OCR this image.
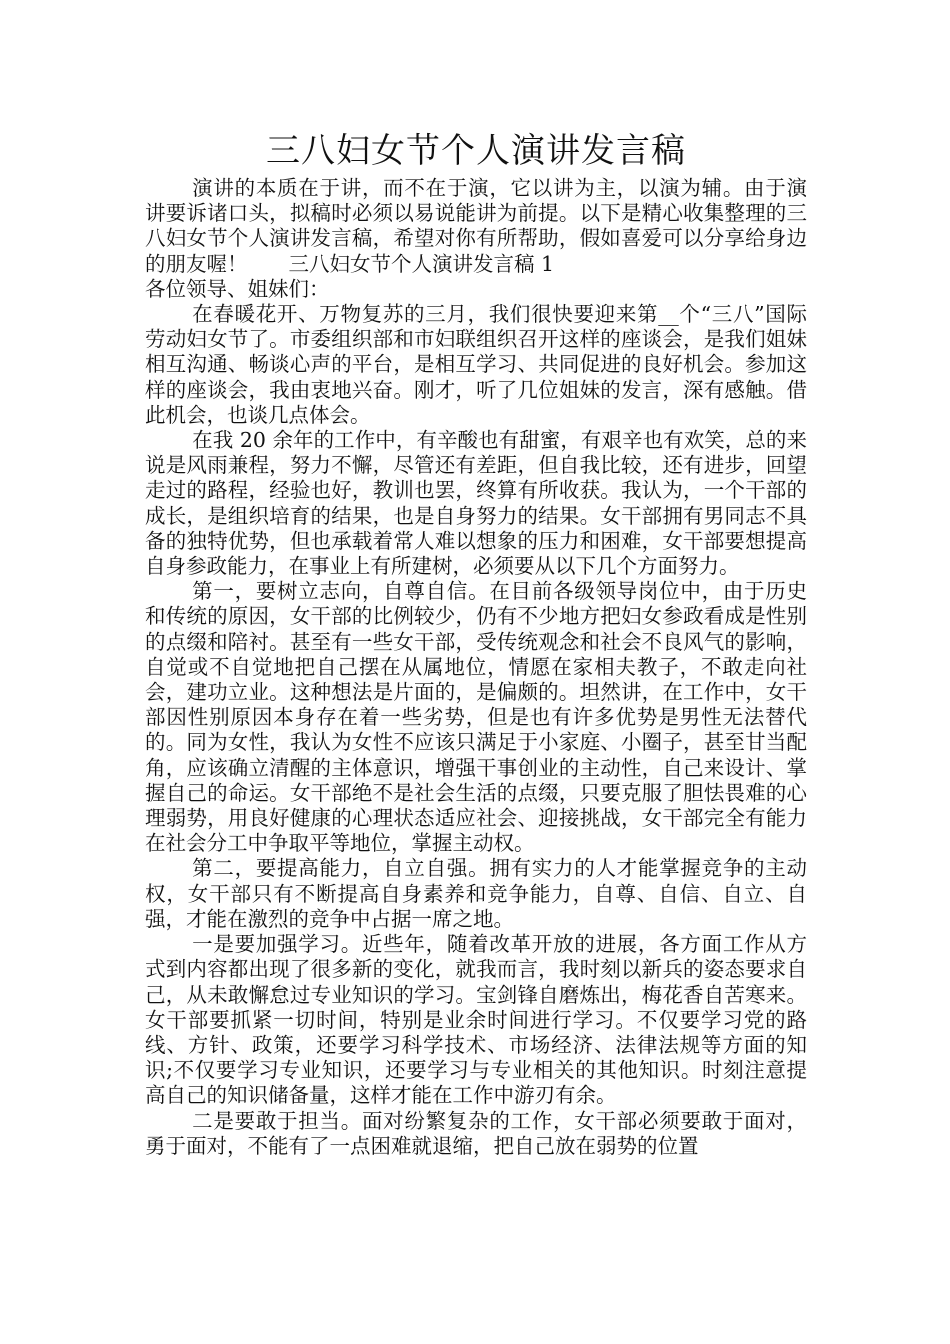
三八妇女节个人演讲发言稿

演讲的本质在于讲，而不在于演，它以讲为主，以演为辅。由于演讲要诉诸口头，拟稿时必须以易说能讲为前提。以下是精心收集整理的三八妇女节个人演讲发言稿，希望对你有所帮助，假如喜爱可以分享给身边的朋友喔！　　三八妇女节个人演讲发言稿 1

各位领导、姐妹们：

在春暖花开、万物复苏的三月，我们很快要迎来第__个“三八”国际劳动妇女节了。市委组织部和市妇联组织召开这样的座谈会，是我们姐妹相互沟通、畅谈心声的平台，是相互学习、共同促进的良好机会。参加这样的座谈会，我由衷地兴奋。刚才，听了几位姐妹的发言，深有感触。借此机会，也谈几点体会。

在我 20 余年的工作中，有辛酸也有甜蜜，有艰辛也有欢笑，总的来说是风雨兼程，努力不懈，尽管还有差距，但自我比较，还有进步，回望走过的路程，经验也好，教训也罢，终算有所收获。我认为，一个干部的成长，是组织培育的结果，也是自身努力的结果。女干部拥有男同志不具备的独特优势，但也承载着常人难以想象的压力和困难，女干部要想提高自身参政能力，在事业上有所建树，必须要从以下几个方面努力。

第一，要树立志向，自尊自信。在目前各级领导岗位中，由于历史和传统的原因，女干部的比例较少，仍有不少地方把妇女参政看成是性别的点缀和陪衬。甚至有一些女干部，受传统观念和社会不良风气的影响，自觉或不自觉地把自己摆在从属地位，情愿在家相夫教子，不敢走向社会，建功立业。这种想法是片面的，是偏颇的。坦然讲，在工作中，女干部因性别原因本身存在着一些劣势，但是也有许多优势是男性无法替代的。同为女性，我认为女性不应该只满足于小家庭、小圈子，甚至甘当配角，应该确立清醒的主体意识，增强干事创业的主动性，自己来设计、掌握自己的命运。女干部绝不是社会生活的点缀，只要克服了胆怯畏难的心理弱势，用良好健康的心理状态适应社会、迎接挑战，女干部完全有能力在社会分工中争取平等地位，掌握主动权。

第二，要提高能力，自立自强。拥有实力的人才能掌握竞争的主动权，女干部只有不断提高自身素养和竞争能力，自尊、自信、自立、自强，才能在激烈的竞争中占据一席之地。

一是要加强学习。近些年，随着改革开放的进展，各方面工作从方式到内容都出现了很多新的变化，就我而言，我时刻以新兵的姿态要求自己，从未敢懈怠过专业知识的学习。宝剑锋自磨炼出，梅花香自苦寒来。女干部要抓紧一切时间，特别是业余时间进行学习。不仅要学习党的路线、方针、政策，还要学习科学技术、市场经济、法律法规等方面的知识;不仅要学习专业知识，还要学习与专业相关的其他知识。时刻注意提高自己的知识储备量，这样才能在工作中游刃有余。

二是要敢于担当。面对纷繁复杂的工作，女干部必须要敢于面对，勇于面对，不能有了一点困难就退缩，把自己放在弱势的位置
